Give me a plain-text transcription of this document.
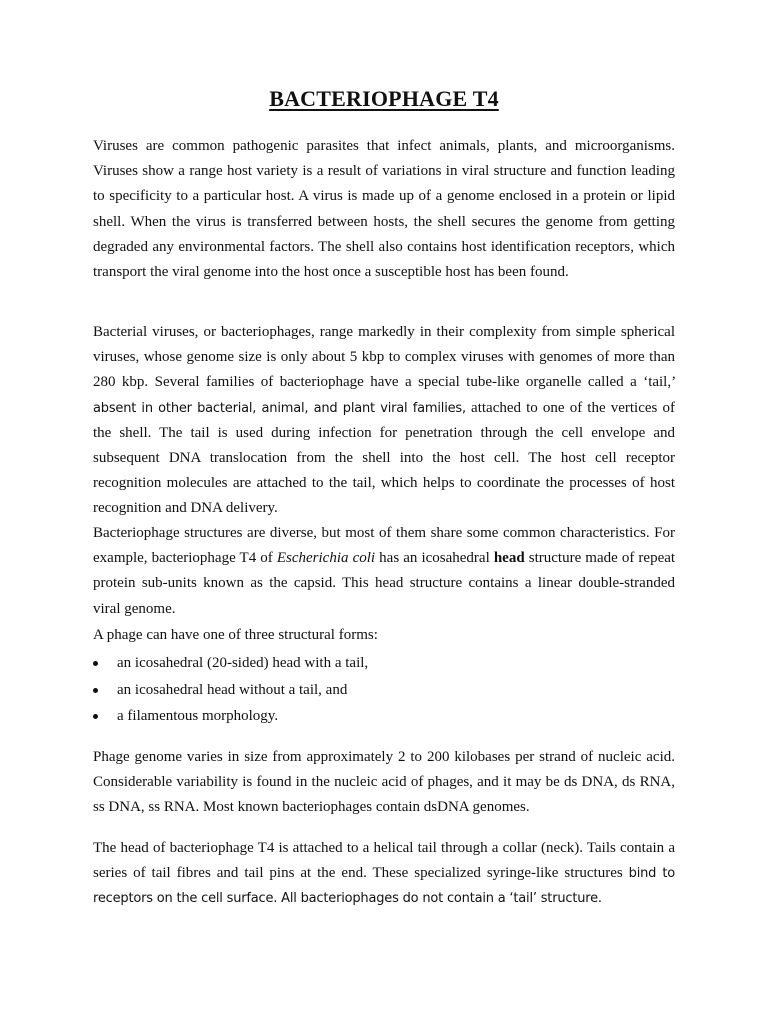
BACTERIOPHAGE T4

Viruses are common pathogenic parasites that infect animals, plants, and microorganisms. Viruses show a range host variety is a result of variations in viral structure and function leading to specificity to a particular host. A virus is made up of a genome enclosed in a protein or lipid shell. When the virus is transferred between hosts, the shell secures the genome from getting degraded any environmental factors. The shell also contains host identification receptors, which transport the viral genome into the host once a susceptible host has been found.

Bacterial viruses, or bacteriophages, range markedly in their complexity from simple spherical viruses, whose genome size is only about 5 kbp to complex viruses with genomes of more than 280 kbp. Several families of bacteriophage have a special tube-like organelle called a ‘tail,’ absent in other bacterial, animal, and plant viral families, attached to one of the vertices of the shell. The tail is used during infection for penetration through the cell envelope and subsequent DNA translocation from the shell into the host cell. The host cell receptor recognition molecules are attached to the tail, which helps to coordinate the processes of host recognition and DNA delivery.

Bacteriophage structures are diverse, but most of them share some common characteristics. For example, bacteriophage T4 of Escherichia coli has an icosahedral head structure made of repeat protein sub-units known as the capsid. This head structure contains a linear double-stranded viral genome.

A phage can have one of three structural forms:

an icosahedral (20-sided) head with a tail,
an icosahedral head without a tail, and
a filamentous morphology.

Phage genome varies in size from approximately 2 to 200 kilobases per strand of nucleic acid. Considerable variability is found in the nucleic acid of phages, and it may be ds DNA, ds RNA, ss DNA, ss RNA. Most known bacteriophages contain dsDNA genomes.

The head of bacteriophage T4 is attached to a helical tail through a collar (neck). Tails contain a series of tail fibres and tail pins at the end. These specialized syringe-like structures bind to receptors on the cell surface. All bacteriophages do not contain a ‘tail’ structure.
